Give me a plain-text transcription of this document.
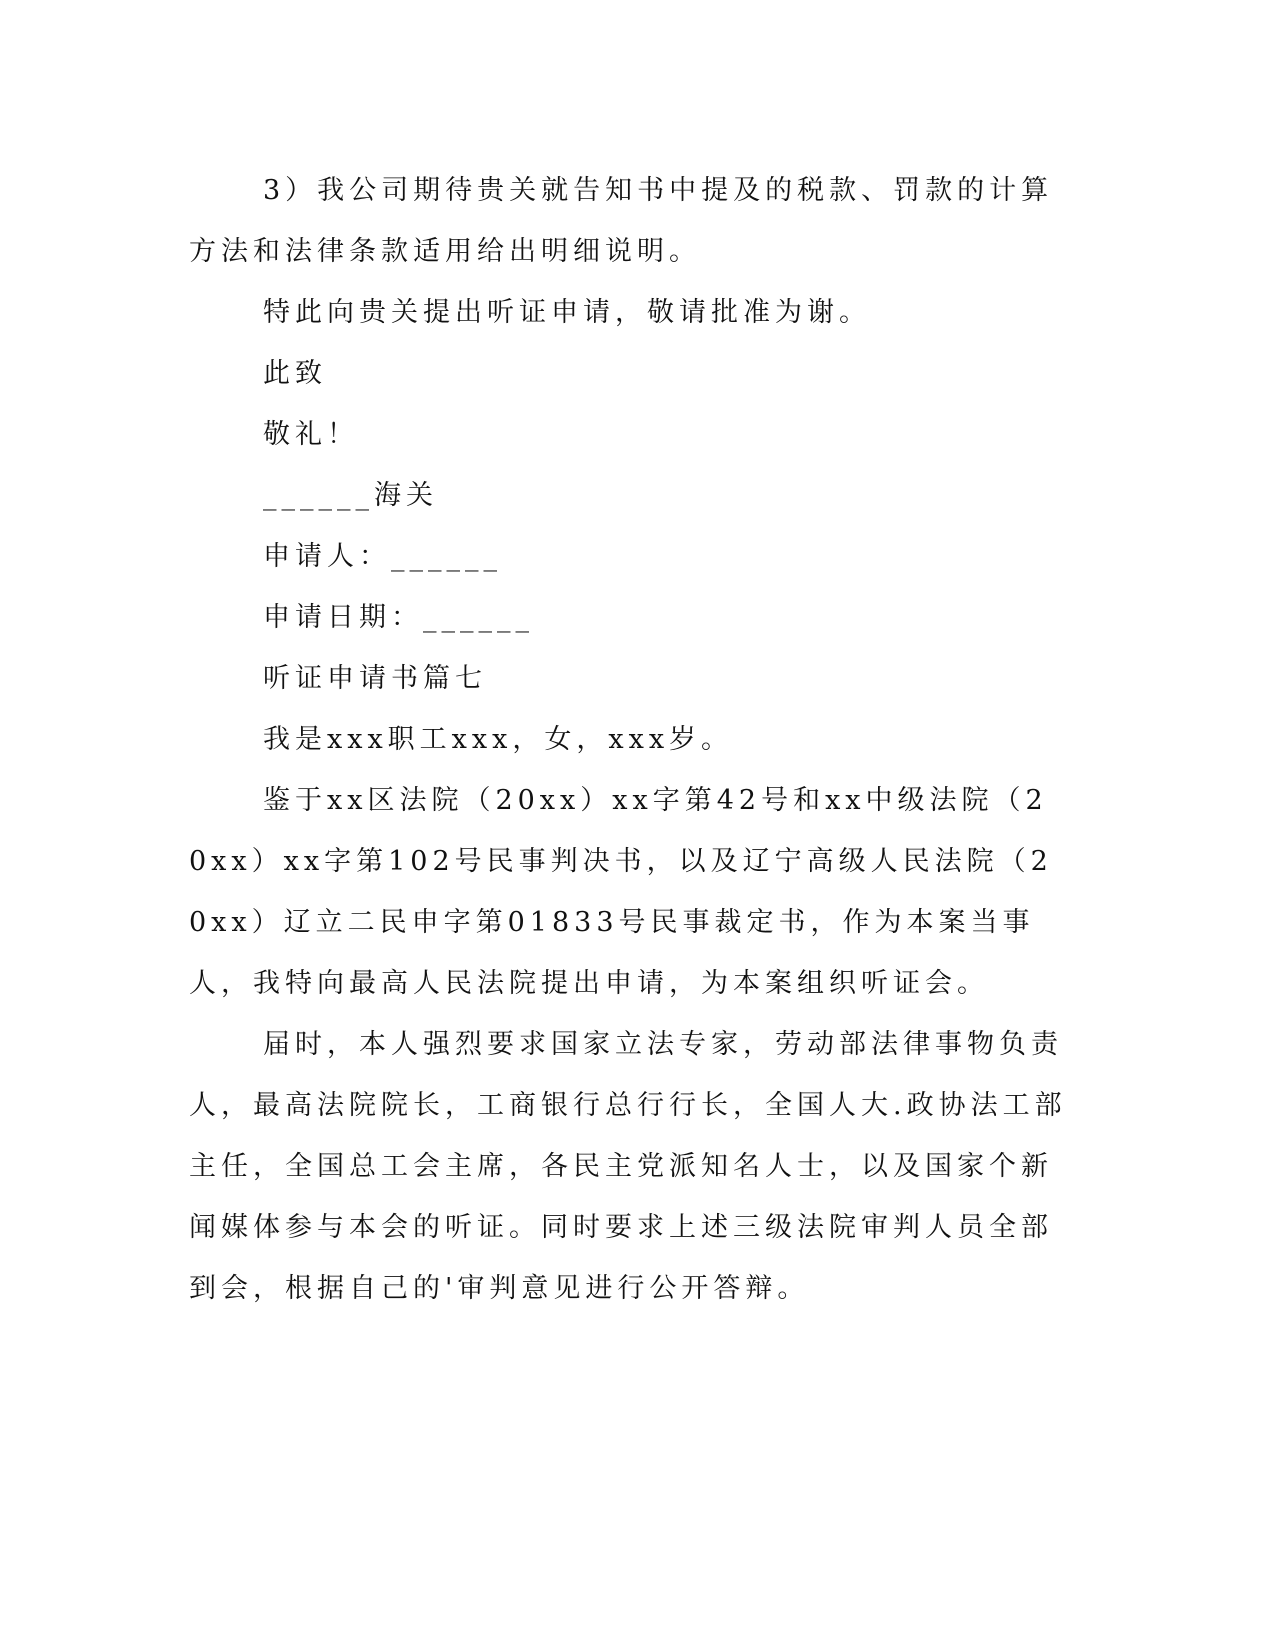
3）我公司期待贵关就告知书中提及的税款、罚款的计算方法和法律条款适用给出明细说明。

特此向贵关提出听证申请，敬请批准为谢。

此致

敬礼！

______海关

申请人：______

申请日期：______

听证申请书篇七

我是xxx职工xxx，女，xxx岁。

鉴于xx区法院（20xx）xx字第42号和xx中级法院（20xx）xx字第102号民事判决书，以及辽宁高级人民法院（20xx）辽立二民申字第01833号民事裁定书，作为本案当事人，我特向最高人民法院提出申请，为本案组织听证会。

届时，本人强烈要求国家立法专家，劳动部法律事物负责人，最高法院院长，工商银行总行行长，全国人大.政协法工部主任，全国总工会主席，各民主党派知名人士，以及国家个新闻媒体参与本会的听证。同时要求上述三级法院审判人员全部到会，根据自己的'审判意见进行公开答辩。
